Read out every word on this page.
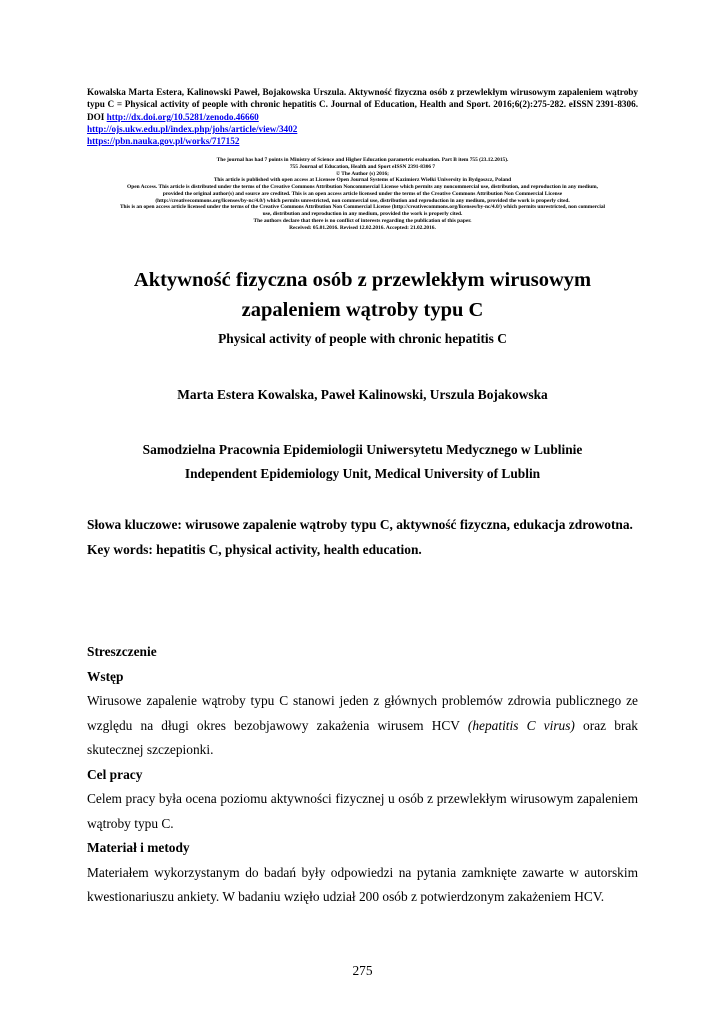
Kowalska Marta Estera, Kalinowski Paweł, Bojakowska Urszula. Aktywność fizyczna osób z przewlekłym wirusowym zapaleniem wątroby typu C = Physical activity of people with chronic hepatitis C. Journal of Education, Health and Sport. 2016;6(2):275-282. eISSN 2391-8306. DOI http://dx.doi.org/10.5281/zenodo.46660
http://ojs.ukw.edu.pl/index.php/johs/article/view/3402
https://pbn.nauka.gov.pl/works/717152
The journal has had 7 points in Ministry of Science and Higher Education parametric evaluation. Part B item 755 (23.12.2015).
755 Journal of Education, Health and Sport eISSN 2391-8306 7
© The Author (s) 2016;
This article is published with open access at Licensee Open Journal Systems of Kazimierz Wielki University in Bydgoszcz, Poland
Open Access. This article is distributed under the terms of the Creative Commons Attribution Noncommercial License which permits any noncommercial use, distribution, and reproduction in any medium,
provided the original author(s) and source are credited. This is an open access article licensed under the terms of the Creative Commons Attribution Non Commercial License
(http://creativecommons.org/licenses/by-nc/4.0/) which permits unrestricted, non commercial use, distribution and reproduction in any medium, provided the work is properly cited.
This is an open access article licensed under the terms of the Creative Commons Attribution Non Commercial License (http://creativecommons.org/licenses/by-nc/4.0/) which permits unrestricted, non commercial
use, distribution and reproduction in any medium, provided the work is properly cited.
The authors declare that there is no conflict of interests regarding the publication of this paper.
Received: 05.01.2016. Revised 12.02.2016. Accepted: 21.02.2016.
Aktywność fizyczna osób z przewlekłym wirusowym
zapaleniem wątroby typu C
Physical activity of people with chronic hepatitis C
Marta Estera Kowalska, Paweł Kalinowski, Urszula Bojakowska
Samodzielna Pracownia Epidemiologii Uniwersytetu Medycznego w Lublinie
Independent Epidemiology Unit, Medical University of Lublin
Słowa kluczowe: wirusowe zapalenie wątroby typu C, aktywność fizyczna, edukacja zdrowotna.
Key words: hepatitis C, physical activity, health education.
Streszczenie
Wstęp

Wirusowe zapalenie wątroby typu C stanowi jeden z głównych problemów zdrowia publicznego ze względu na długi okres bezobjawowy zakażenia wirusem HCV (hepatitis C virus) oraz brak skutecznej szczepionki.

Cel pracy

Celem pracy była ocena poziomu aktywności fizycznej u osób z przewlekłym wirusowym zapaleniem wątroby typu C.

Materiał i metody

Materiałem wykorzystanym do badań były odpowiedzi na pytania zamknięte zawarte w autorskim kwestionariuszu ankiety. W badaniu wzięło udział 200 osób z potwierdzonym zakażeniem HCV.

275
